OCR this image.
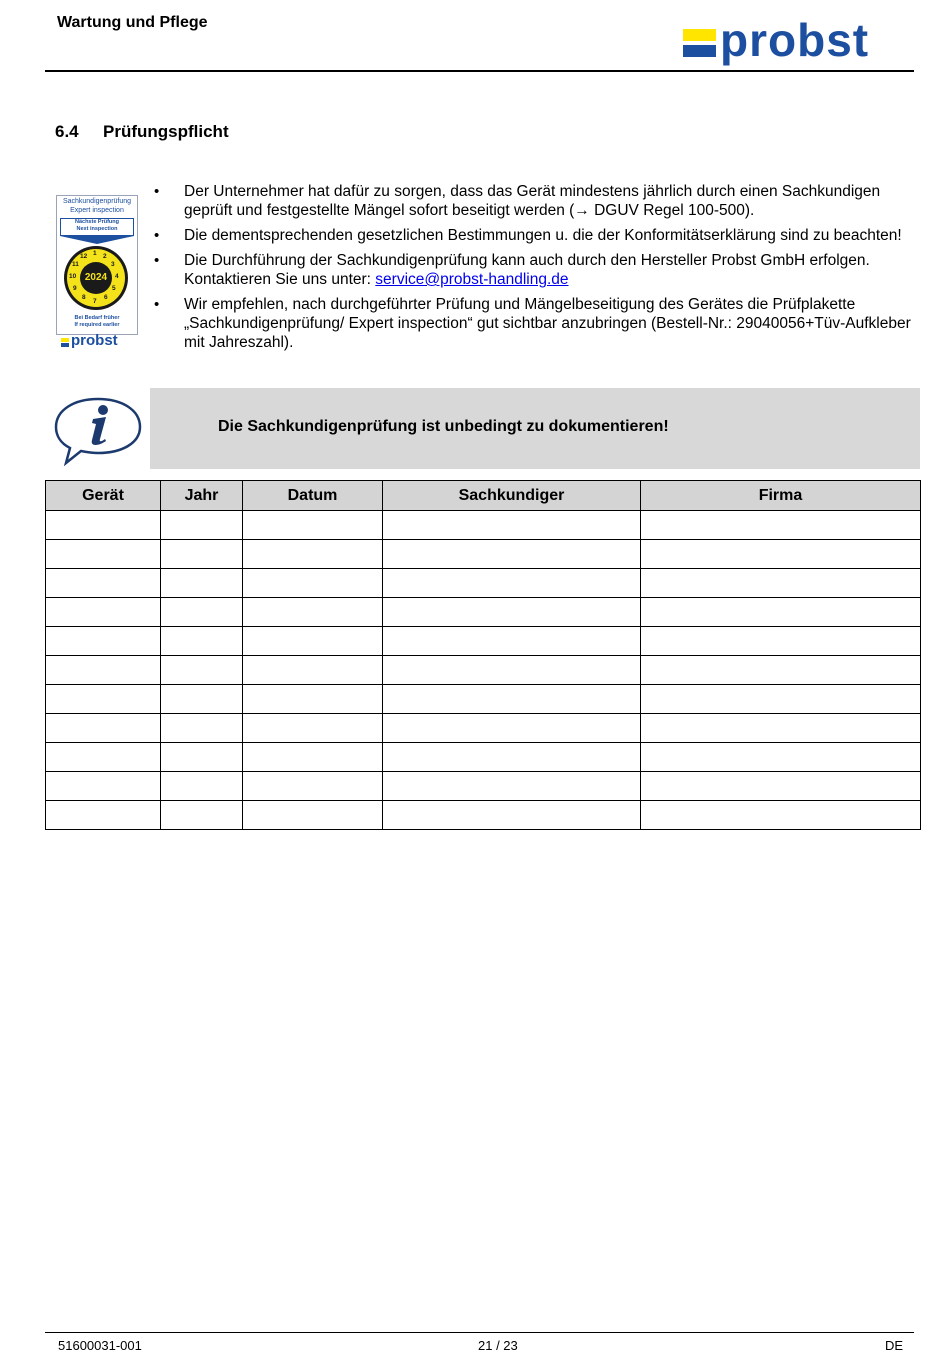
Wartung und Pflege	probst
6.4 Prüfungspflicht
Sachkundigenprüfung
Expert inspection
Nächste Prüfung
Next inspection
1 2
3
4
5
6
7
8
9
10
11
12
2024
Bei Bedarf früher
If required earlier
probst
• Der Unternehmer hat dafür zu sorgen, dass das Gerät mindestens jährlich durch einen Sachkundigen geprüft und festgestellte Mängel sofort beseitigt werden (→ DGUV Regel 100-500).
• Die dementsprechenden gesetzlichen Bestimmungen u. die der Konformitätserklärung sind zu beachten!
• Die Durchführung der Sachkundigenprüfung kann auch durch den Hersteller Probst GmbH erfolgen. Kontaktieren Sie uns unter: service@probst-handling.de
• Wir empfehlen, nach durchgeführter Prüfung und Mängelbeseitigung des Gerätes die Prüfplakette „Sachkundigenprüfung/ Expert inspection“ gut sichtbar anzubringen (Bestell-Nr.: 29040056+Tüv-Aufkleber mit Jahreszahl).
Die Sachkundigenprüfung ist unbedingt zu dokumentieren!
Gerät	Jahr	Datum	Sachkundiger	Firma

51600031-001	21 / 23	DE
